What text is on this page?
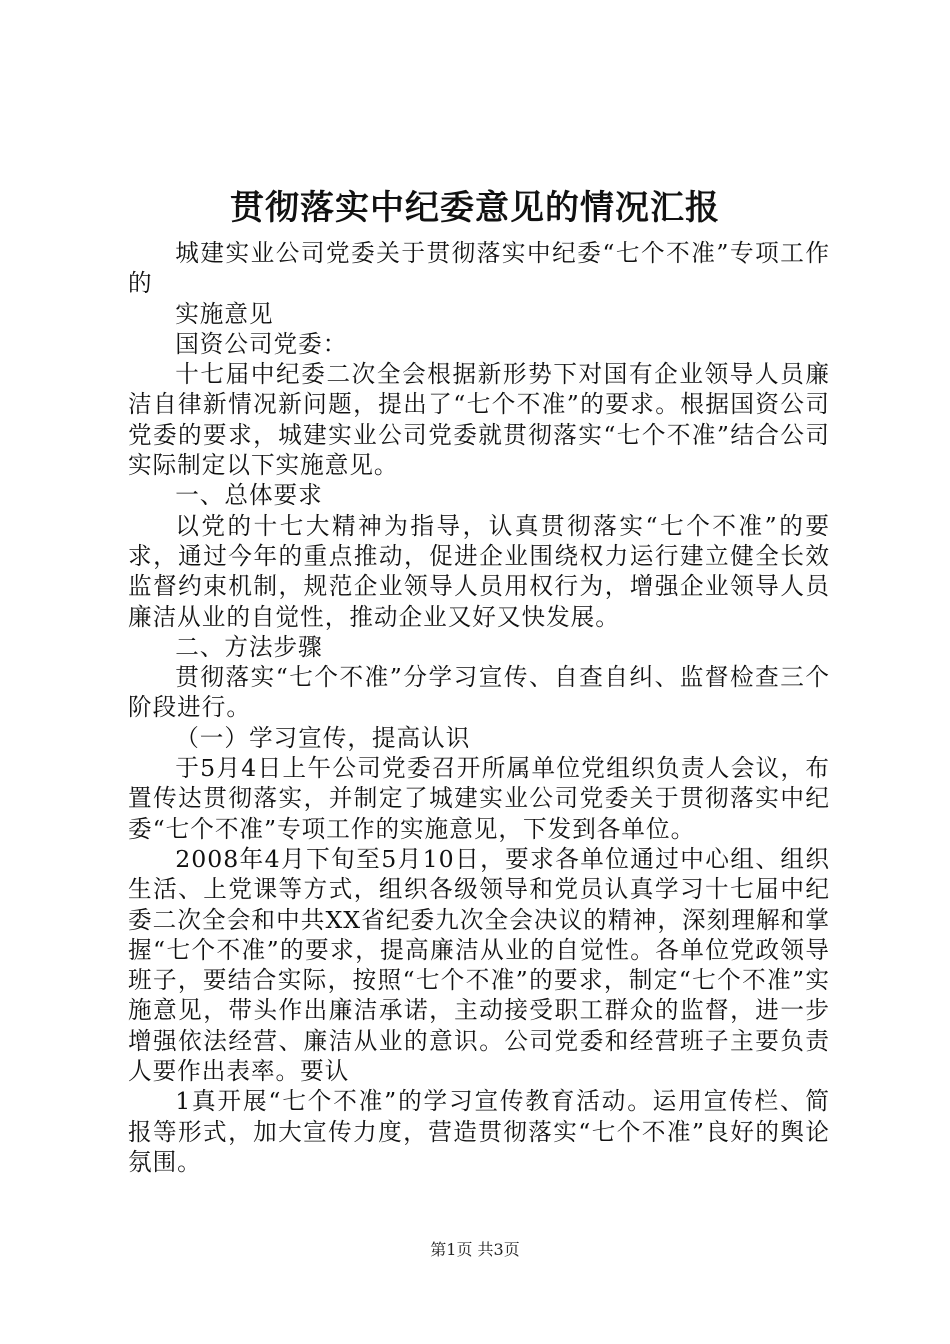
贯彻落实中纪委意见的情况汇报

城建实业公司党委关于贯彻落实中纪委“七个不准”专项工作的

实施意见

国资公司党委：

十七届中纪委二次全会根据新形势下对国有企业领导人员廉洁自律新情况新问题，提出了“七个不准”的要求。根据国资公司党委的要求，城建实业公司党委就贯彻落实“七个不准”结合公司实际制定以下实施意见。

一、总体要求

以党的十七大精神为指导，认真贯彻落实“七个不准”的要求，通过今年的重点推动，促进企业围绕权力运行建立健全长效监督约束机制，规范企业领导人员用权行为，增强企业领导人员廉洁从业的自觉性，推动企业又好又快发展。

二、方法步骤

贯彻落实“七个不准”分学习宣传、自查自纠、监督检查三个阶段进行。

（一）学习宣传，提高认识

于5月4日上午公司党委召开所属单位党组织负责人会议，布置传达贯彻落实，并制定了城建实业公司党委关于贯彻落实中纪委“七个不准”专项工作的实施意见，下发到各单位。

2008年4月下旬至5月10日，要求各单位通过中心组、组织生活、上党课等方式，组织各级领导和党员认真学习十七届中纪委二次全会和中共XX省纪委九次全会决议的精神，深刻理解和掌握“七个不准”的要求，提高廉洁从业的自觉性。各单位党政领导班子，要结合实际，按照“七个不准”的要求，制定“七个不准”实施意见，带头作出廉洁承诺，主动接受职工群众的监督，进一步增强依法经营、廉洁从业的意识。公司党委和经营班子主要负责人要作出表率。要认

1真开展“七个不准”的学习宣传教育活动。运用宣传栏、简报等形式，加大宣传力度，营造贯彻落实“七个不准”良好的舆论氛围。

第1页 共3页
